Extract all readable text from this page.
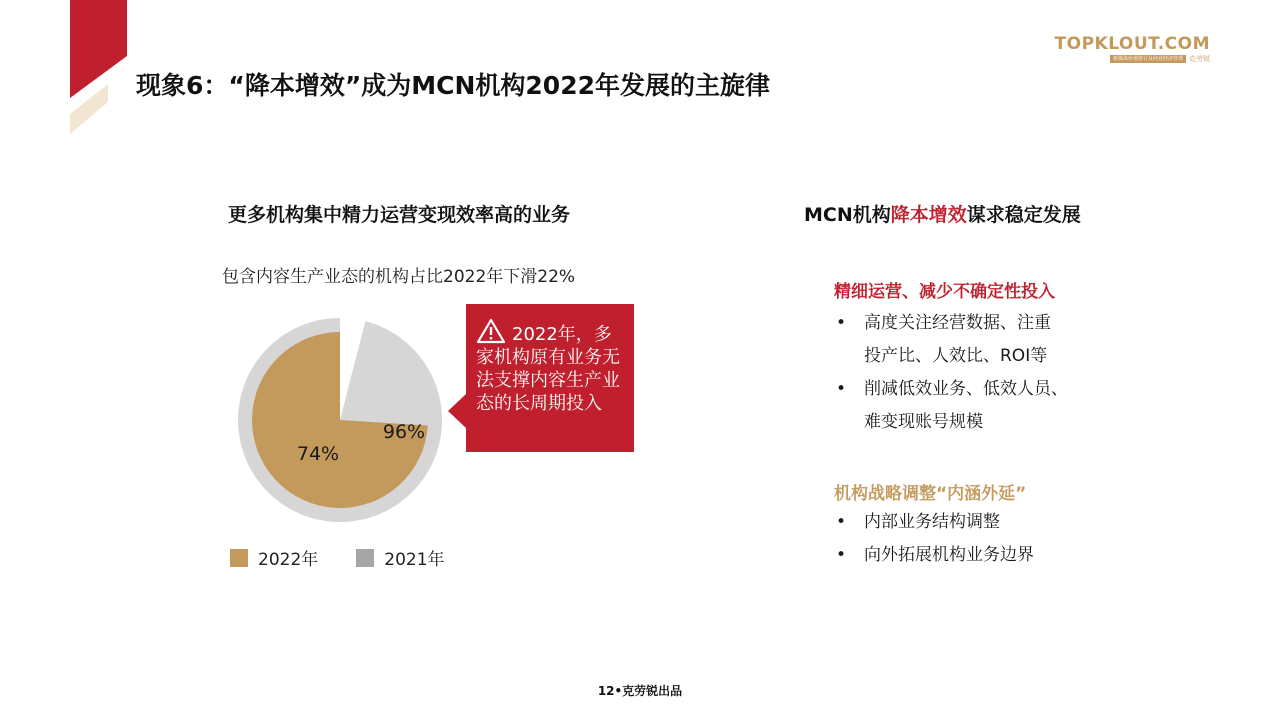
TOPKLOUT.COM
新媒体价值排行及商业经济管理 克劳锐
现象6：“降本增效”成为MCN机构2022年发展的主旋律
更多机构集中精力运营变现效率高的业务
包含内容生产业态的机构占比2022年下滑22%
96%
74%
2022年，多家机构原有业务无法支撑内容生产业态的长周期投入
2022年	2021年
MCN机构降本增效谋求稳定发展
精细运营、减少不确定性投入
• 高度关注经营数据、注重
投产比、人效比、ROI等
• 削减低效业务、低效人员、
难变现账号规模
机构战略调整“内涵外延”
• 内部业务结构调整
• 向外拓展机构业务边界
12•克劳锐出品
